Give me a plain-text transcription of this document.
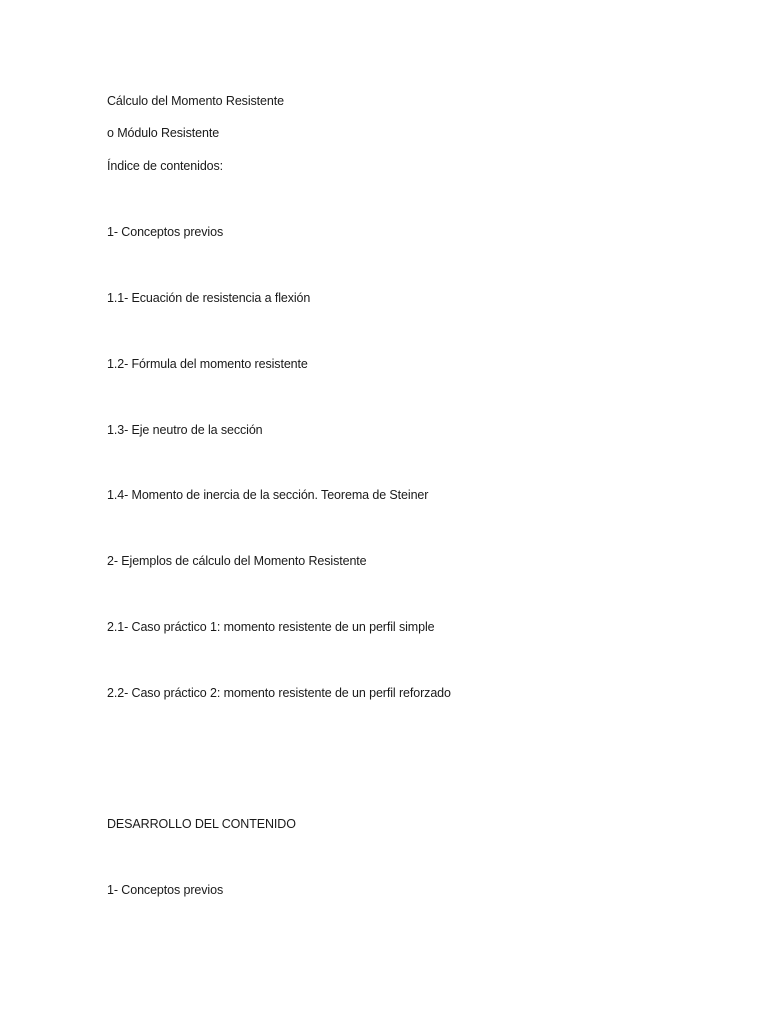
Cálculo del Momento Resistente
o Módulo Resistente
Índice de contenidos:
1- Conceptos previos
1.1- Ecuación de resistencia a flexión
1.2- Fórmula del momento resistente
1.3- Eje neutro de la sección
1.4- Momento de inercia de la sección. Teorema de Steiner
2- Ejemplos de cálculo del Momento Resistente
2.1- Caso práctico 1: momento resistente de un perfil simple
2.2- Caso práctico 2: momento resistente de un perfil reforzado
DESARROLLO DEL CONTENIDO
1- Conceptos previos
